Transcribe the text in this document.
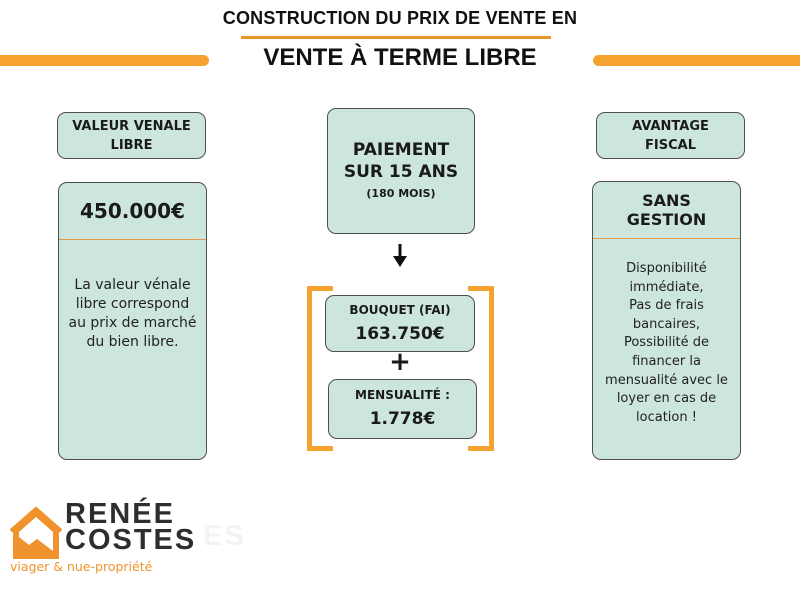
CONSTRUCTION DU PRIX DE VENTE EN
VENTE À TERME LIBRE
VALEUR VENALE
LIBRE
450.000€
La valeur vénale
libre correspond
au prix de marché
du bien libre.
PAIEMENT
SUR 15 ANS
(180 MOIS)
BOUQUET (FAI)
163.750€
+
MENSUALITÉ :
1.778€
AVANTAGE
FISCAL
SANS
GESTION
Disponibilité
immédiate,
Pas de frais
bancaires,
Possibilité de
financer la
mensualité avec le
loyer en cas de
location !
ES
RENÉE
COSTES
viager & nue-propriété
